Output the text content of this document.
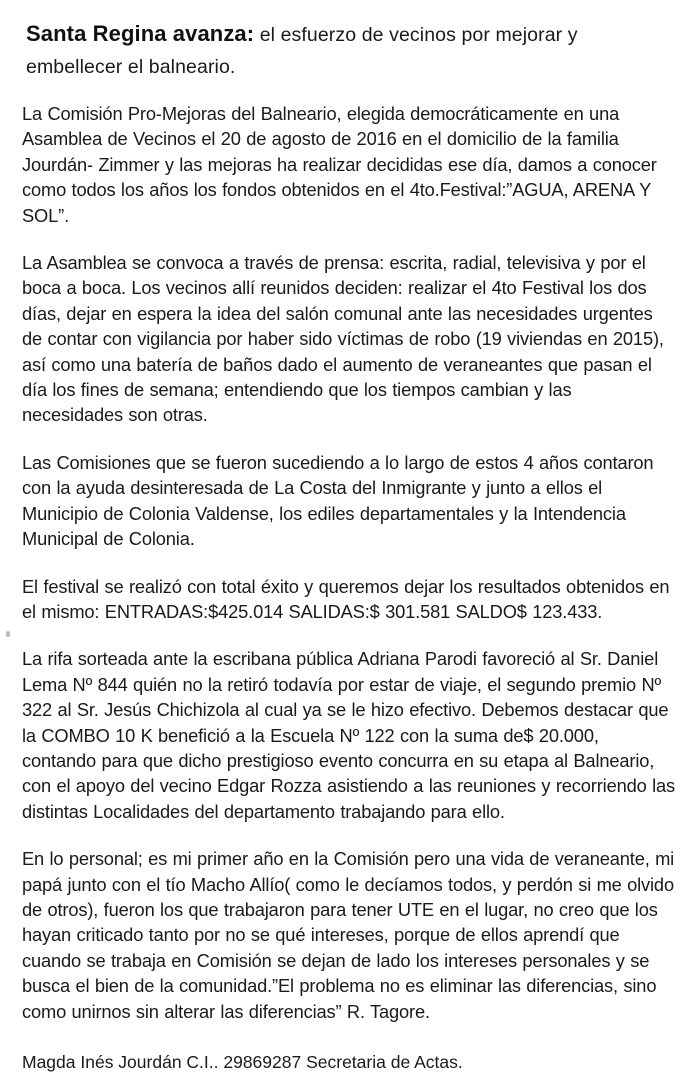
Santa Regina avanza: el esfuerzo de vecinos por mejorar y embellecer el balneario.

La Comisión Pro-Mejoras del Balneario, elegida democráticamente en una Asamblea de Vecinos el 20 de agosto de 2016 en el domicilio de la familia Jourdán- Zimmer y las mejoras ha realizar decididas ese día, damos a conocer como todos los años los fondos obtenidos en el 4to.Festival:”AGUA, ARENA Y SOL”.

La Asamblea se convoca a través de prensa: escrita, radial, televisiva y por el boca a boca. Los vecinos allí reunidos deciden: realizar el 4to Festival los dos días, dejar en espera la idea del salón comunal ante las necesidades urgentes de contar con vigilancia por haber sido víctimas de robo (19 viviendas en 2015), así como una batería de baños dado el aumento de veraneantes que pasan el día los fines de semana; entendiendo que los tiempos cambian y las necesidades son otras.

Las Comisiones que se fueron sucediendo a lo largo de estos 4 años contaron con la ayuda desinteresada de La Costa del Inmigrante y junto a ellos el Municipio de Colonia Valdense, los ediles departamentales y la Intendencia Municipal de Colonia.

El festival se realizó con total éxito y queremos dejar los resultados obtenidos en el mismo: ENTRADAS:$425.014 SALIDAS:$ 301.581 SALDO$ 123.433.

La rifa sorteada ante la escribana pública Adriana Parodi favoreció al Sr. Daniel Lema Nº 844 quién no la retiró todavía por estar de viaje, el segundo premio Nº 322 al Sr. Jesús Chichizola al cual ya se le hizo efectivo. Debemos destacar que la COMBO 10 K benefició a la Escuela Nº 122 con la suma de$ 20.000, contando para que dicho prestigioso evento concurra en su etapa al Balneario, con el apoyo del vecino Edgar Rozza asistiendo a las reuniones y recorriendo las distintas Localidades del departamento trabajando para ello.

En lo personal; es mi primer año en la Comisión pero una vida de veraneante, mi papá junto con el tío Macho Allío( como le decíamos todos, y perdón si me olvido de otros), fueron los que trabajaron para tener UTE en el lugar, no creo que los hayan criticado tanto por no se qué intereses, porque de ellos aprendí que cuando se trabaja en Comisión se dejan de lado los intereses personales y se busca el bien de la comunidad.”El problema no es eliminar las diferencias, sino como unirnos sin alterar las diferencias” R. Tagore.

Magda Inés Jourdán C.I.. 29869287 Secretaria de Actas.
